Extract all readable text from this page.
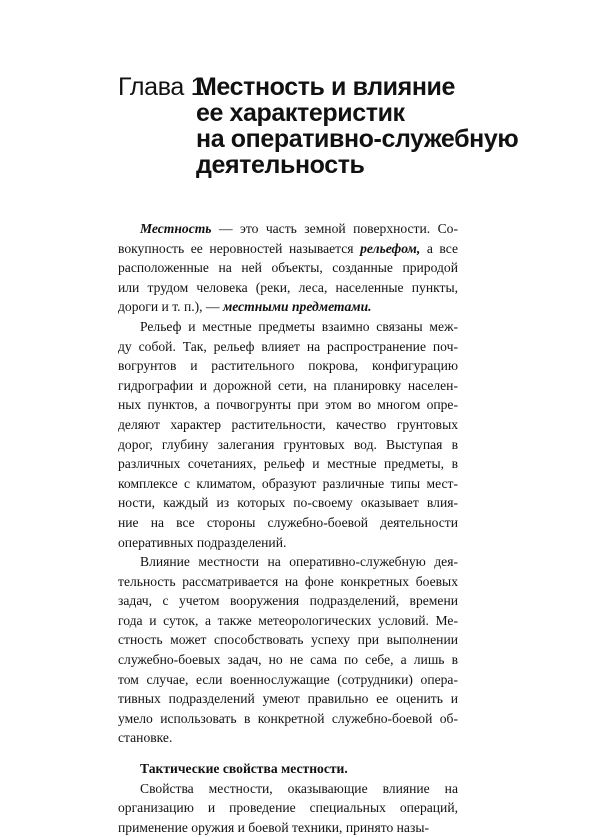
Глава 1.
Местность и влияние
ее характеристик
на оперативно-служебную
деятельность
Местность — это часть земной поверхности. Со-
вокупность ее неровностей называется рельефом, а все
расположенные на ней объекты, созданные природой
или трудом человека (реки, леса, населенные пункты,
дороги и т. п.), — местными предметами.
Рельеф и местные предметы взаимно связаны меж-
ду собой. Так, рельеф влияет на распространение поч-
вогрунтов и растительного покрова, конфигурацию
гидрографии и дорожной сети, на планировку населен-
ных пунктов, а почвогрунты при этом во многом опре-
деляют характер растительности, качество грунтовых
дорог, глубину залегания грунтовых вод. Выступая в
различных сочетаниях, рельеф и местные предметы, в
комплексе с климатом, образуют различные типы мест-
ности, каждый из которых по-своему оказывает влия-
ние на все стороны служебно-боевой деятельности
оперативных подразделений.
Влияние местности на оперативно-служебную дея-
тельность рассматривается на фоне конкретных боевых
задач, с учетом вооружения подразделений, времени
года и суток, а также метеорологических условий. Ме-
стность может способствовать успеху при выполнении
служебно-боевых задач, но не сама по себе, а лишь в
том случае, если военнослужащие (сотрудники) опера-
тивных подразделений умеют правильно ее оценить и
умело использовать в конкретной служебно-боевой об-
становке.
Тактические свойства местности.
Свойства местности, оказывающие влияние на
организацию и проведение специальных операций,
применение оружия и боевой техники, принято назы-
